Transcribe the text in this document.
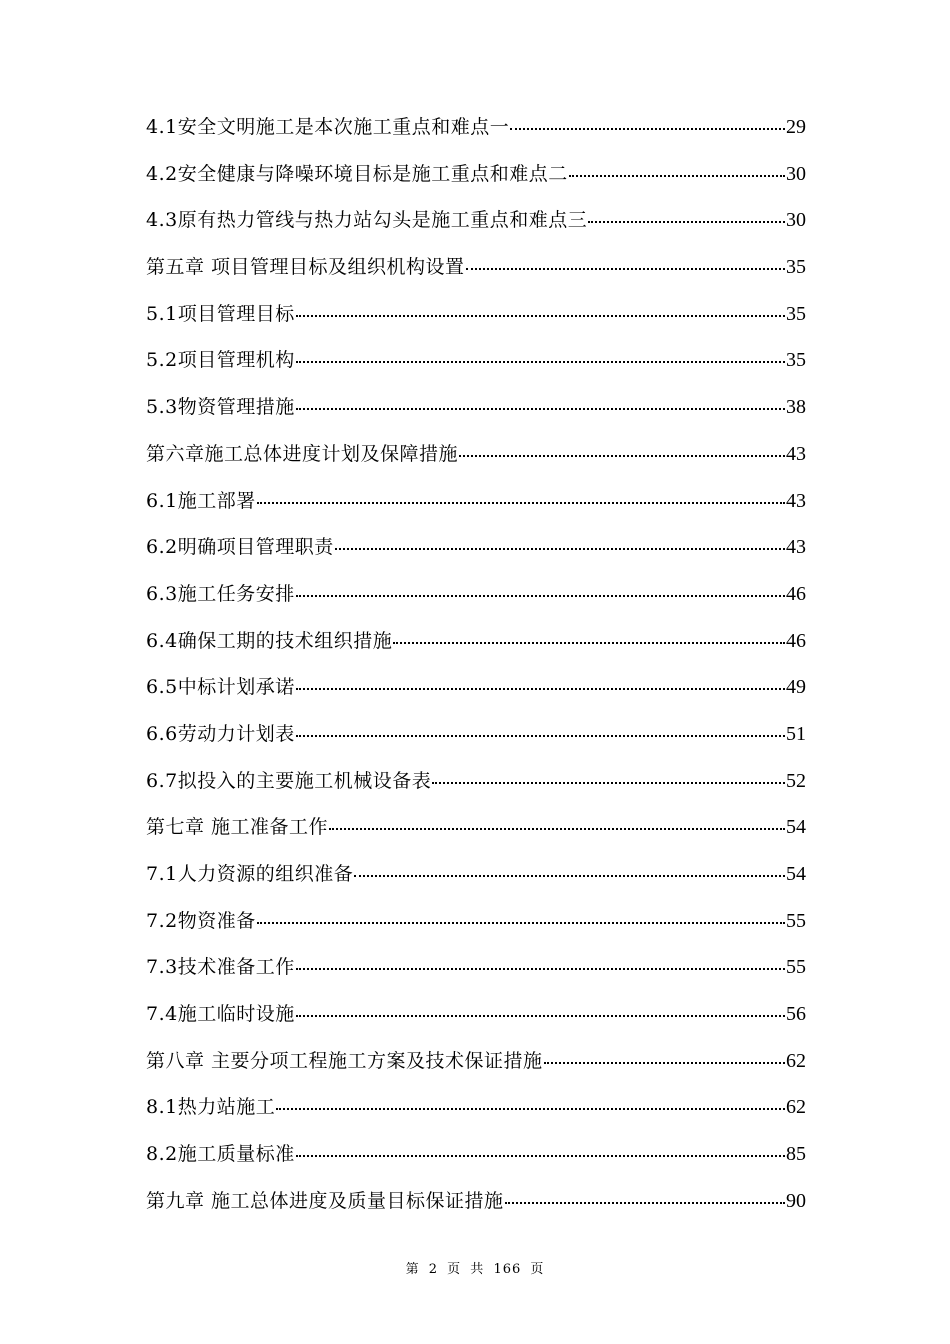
4.1安全文明施工是本次施工重点和难点一	29
4.2安全健康与降噪环境目标是施工重点和难点二	30
4.3原有热力管线与热力站勾头是施工重点和难点三	30
第五章 项目管理目标及组织机构设置	35
5.1项目管理目标	35
5.2项目管理机构	35
5.3物资管理措施	38
第六章施工总体进度计划及保障措施	43
6.1施工部署	43
6.2明确项目管理职责	43
6.3施工任务安排	46
6.4确保工期的技术组织措施	46
6.5中标计划承诺	49
6.6劳动力计划表	51
6.7拟投入的主要施工机械设备表	52
第七章 施工准备工作	54
7.1人力资源的组织准备	54
7.2物资准备	55
7.3技术准备工作	55
7.4施工临时设施	56
第八章 主要分项工程施工方案及技术保证措施	62
8.1热力站施工	62
8.2施工质量标准	85
第九章 施工总体进度及质量目标保证措施	90
第 2 页 共 166 页
